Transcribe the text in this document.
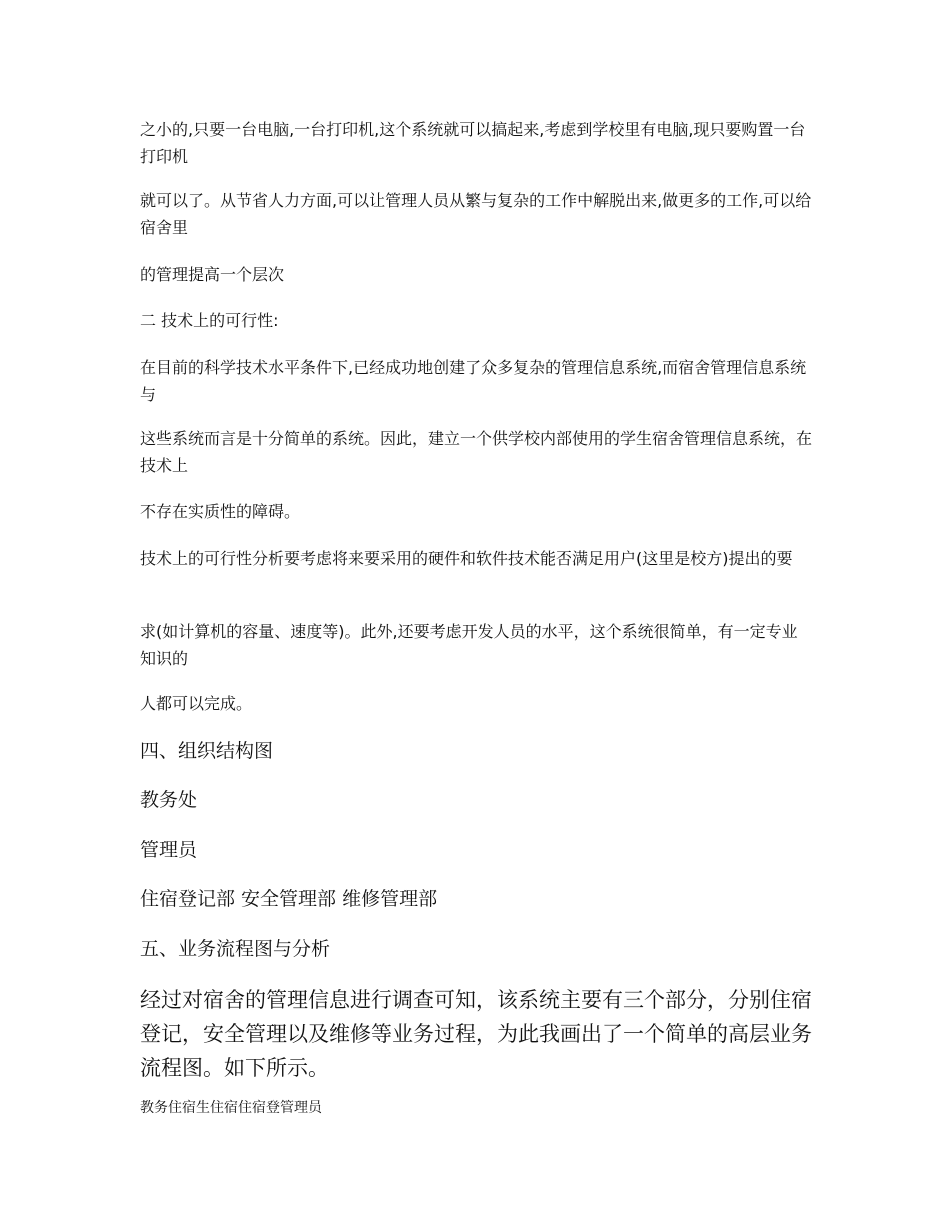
之小的,只要一台电脑,一台打印机,这个系统就可以搞起来,考虑到学校里有电脑,现只要购置一台打印机

就可以了。从节省人力方面,可以让管理人员从繁与复杂的工作中解脱出来,做更多的工作,可以给宿舍里

的管理提高一个层次

二 技术上的可行性:

在目前的科学技术水平条件下,已经成功地创建了众多复杂的管理信息系统,而宿舍管理信息系统与

这些系统而言是十分简单的系统。因此，建立一个供学校内部使用的学生宿舍管理信息系统，在技术上

不存在实质性的障碍。

技术上的可行性分析要考虑将来要采用的硬件和软件技术能否满足用户(这里是校方)提出的要

求(如计算机的容量、速度等)。此外,还要考虑开发人员的水平，这个系统很简单，有一定专业知识的

人都可以完成。

四、组织结构图

教务处

管理员

住宿登记部 安全管理部 维修管理部

五、业务流程图与分析

经过对宿舍的管理信息进行调查可知，该系统主要有三个部分，分别住宿登记，安全管理以及维修等业务过程，为此我画出了一个简单的高层业务流程图。如下所示。

教务住宿生住宿住宿登管理员
